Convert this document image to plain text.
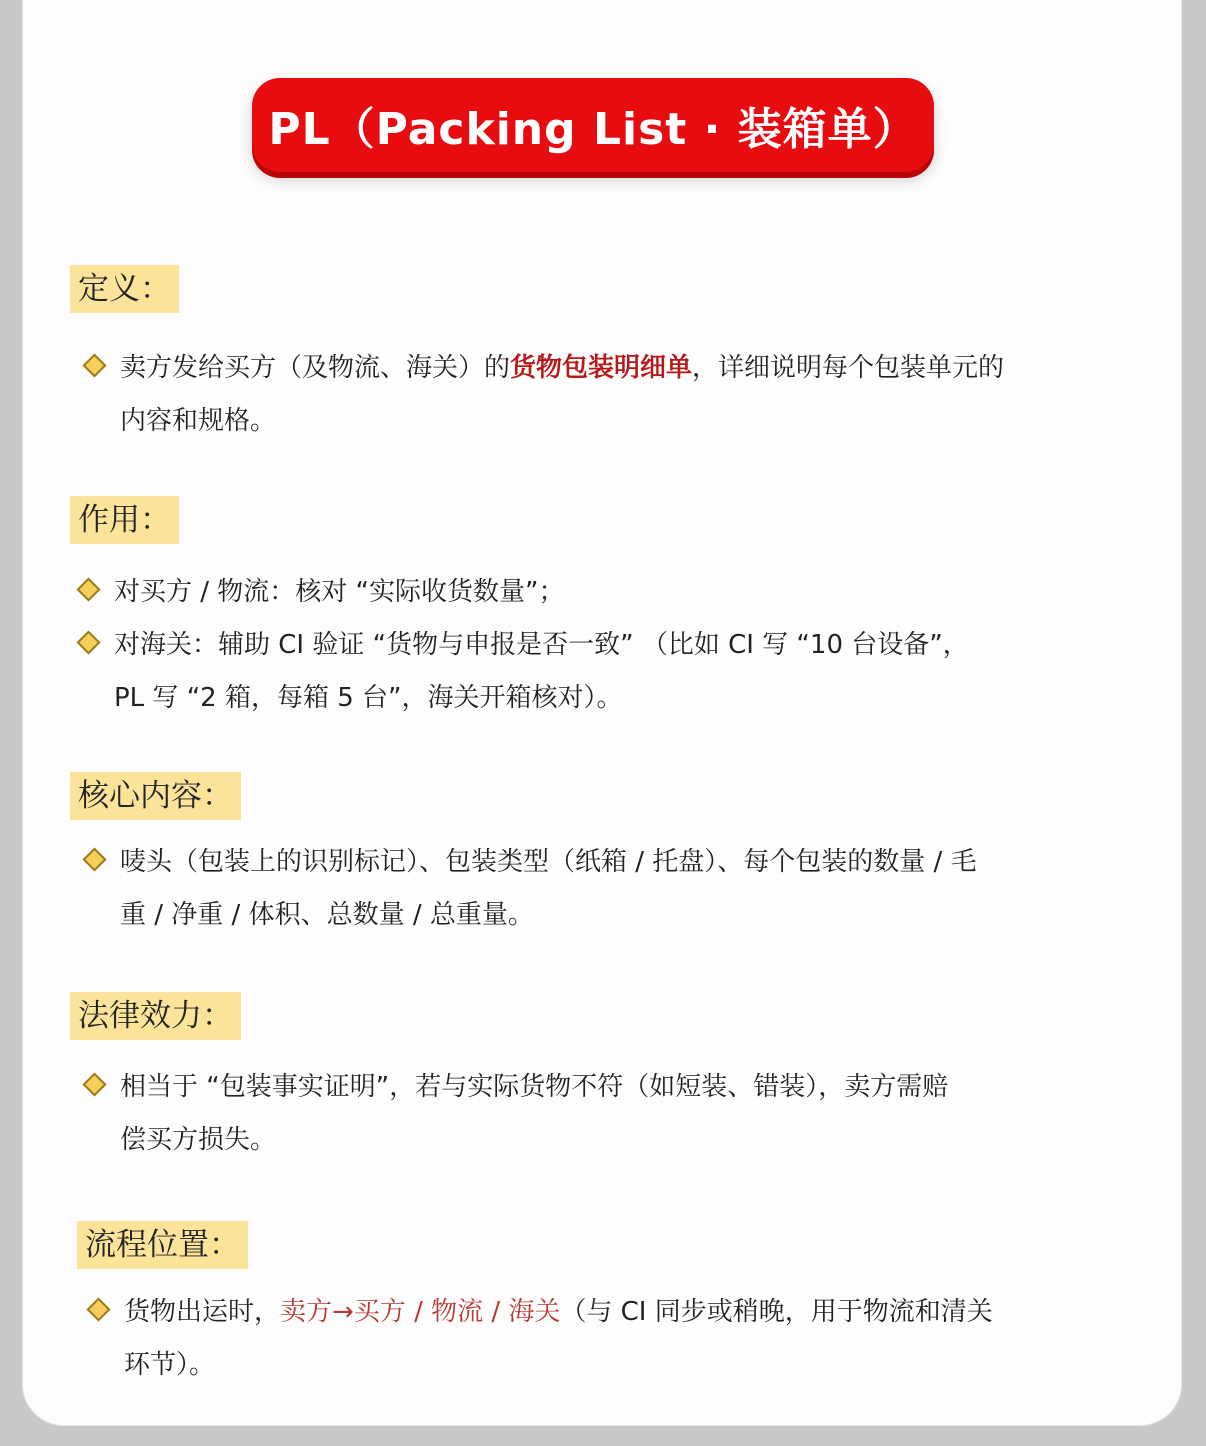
PL（Packing List · 装箱单）
定义：
卖方发给买方（及物流、海关）的货物包装明细单，详细说明每个包装单元的
内容和规格。
作用：
对买方 / 物流：核对 “实际收货数量”；
对海关：辅助 CI 验证 “货物与申报是否一致” （比如 CI 写 “10 台设备”，
PL 写 “2 箱，每箱 5 台”，海关开箱核对）。
核心内容：
唛头（包装上的识别标记）、包装类型（纸箱 / 托盘）、每个包装的数量 / 毛
重 / 净重 / 体积、总数量 / 总重量。
法律效力：
相当于 “包装事实证明”，若与实际货物不符（如短装、错装），卖方需赔
偿买方损失。
流程位置：
货物出运时，卖方→买方 / 物流 / 海关（与 CI 同步或稍晚，用于物流和清关
环节）。
